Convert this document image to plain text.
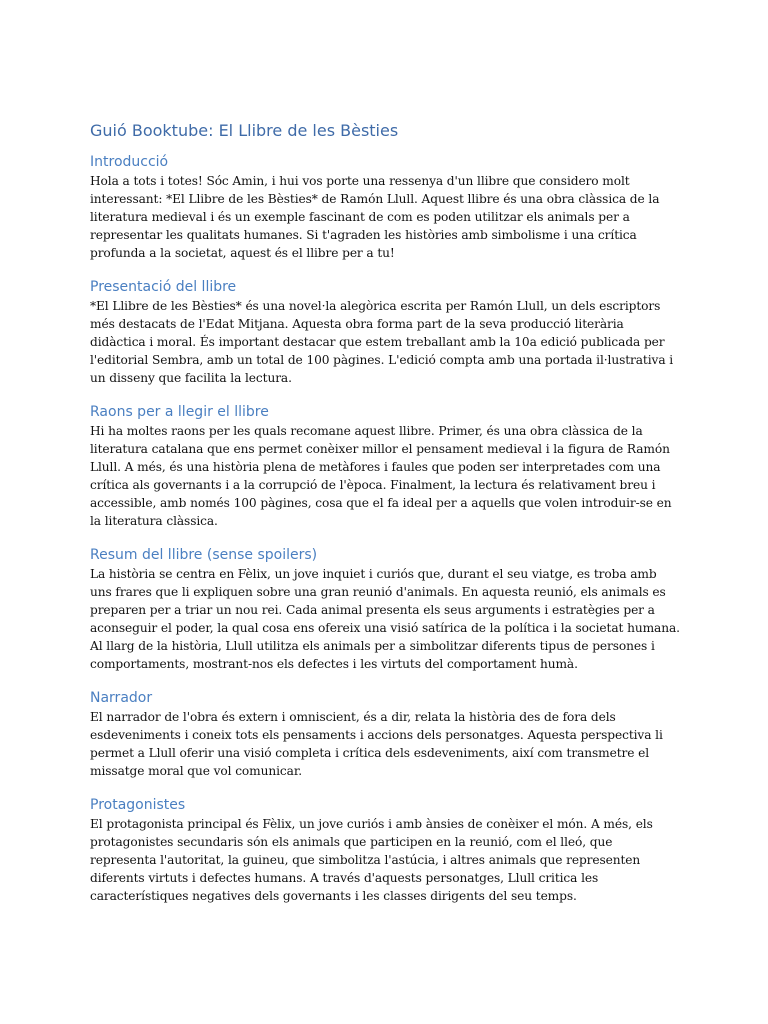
Guió Booktube: El Llibre de les Bèsties
Introducció

Hola a tots i totes! Sóc Amin, i hui vos porte una ressenya d'un llibre que considero molt interessant: *El Llibre de les Bèsties* de Ramón Llull. Aquest llibre és una obra clàssica de la literatura medieval i és un exemple fascinant de com es poden utilitzar els animals per a representar les qualitats humanes. Si t'agraden les històries amb simbolisme i una crítica profunda a la societat, aquest és el llibre per a tu!

Presentació del llibre

*El Llibre de les Bèsties* és una novel·la alegòrica escrita per Ramón Llull, un dels escriptors més destacats de l'Edat Mitjana. Aquesta obra forma part de la seva producció literària didàctica i moral. És important destacar que estem treballant amb la 10a edició publicada per l'editorial Sembra, amb un total de 100 pàgines. L'edició compta amb una portada il·lustrativa i un disseny que facilita la lectura.

Raons per a llegir el llibre

Hi ha moltes raons per les quals recomane aquest llibre. Primer, és una obra clàssica de la literatura catalana que ens permet conèixer millor el pensament medieval i la figura de Ramón Llull. A més, és una història plena de metàfores i faules que poden ser interpretades com una crítica als governants i a la corrupció de l'època. Finalment, la lectura és relativament breu i accessible, amb només 100 pàgines, cosa que el fa ideal per a aquells que volen introduir-se en la literatura clàssica.

Resum del llibre (sense spoilers)

La història se centra en Fèlix, un jove inquiet i curiós que, durant el seu viatge, es troba amb uns frares que li expliquen sobre una gran reunió d'animals. En aquesta reunió, els animals es preparen per a triar un nou rei. Cada animal presenta els seus arguments i estratègies per a aconseguir el poder, la qual cosa ens ofereix una visió satírica de la política i la societat humana. Al llarg de la història, Llull utilitza els animals per a simbolitzar diferents tipus de persones i comportaments, mostrant-nos els defectes i les virtuts del comportament humà.

Narrador

El narrador de l'obra és extern i omniscient, és a dir, relata la història des de fora dels esdeveniments i coneix tots els pensaments i accions dels personatges. Aquesta perspectiva li permet a Llull oferir una visió completa i crítica dels esdeveniments, així com transmetre el missatge moral que vol comunicar.

Protagonistes

El protagonista principal és Fèlix, un jove curiós i amb ànsies de conèixer el món. A més, els protagonistes secundaris són els animals que participen en la reunió, com el lleó, que representa l'autoritat, la guineu, que simbolitza l'astúcia, i altres animals que representen diferents virtuts i defectes humans. A través d'aquests personatges, Llull critica les característiques negatives dels governants i les classes dirigents del seu temps.
